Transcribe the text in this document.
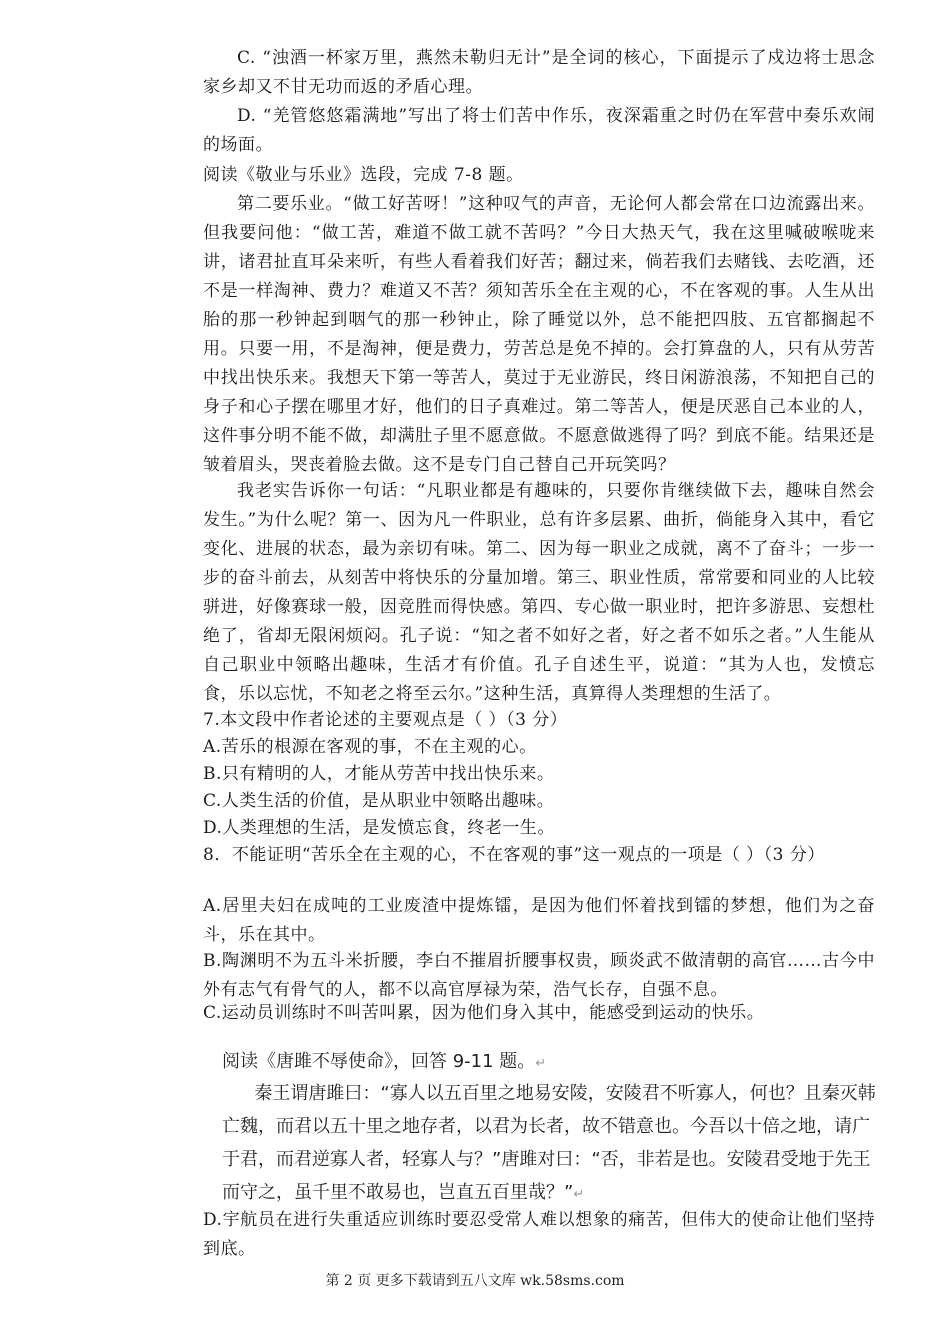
C. “浊酒一杯家万里，燕然未勒归无计”是全词的核心，下面提示了戍边将士思念家乡却又不甘无功而返的矛盾心理。

D. “羌管悠悠霜满地”写出了将士们苦中作乐，夜深霜重之时仍在军营中奏乐欢闹的场面。

阅读《敬业与乐业》选段，完成 7-8 题。

第二要乐业。“做工好苦呀！”这种叹气的声音，无论何人都会常在口边流露出来。但我要问他：“做工苦，难道不做工就不苦吗？”今日大热天气，我在这里喊破喉咙来讲，诸君扯直耳朵来听，有些人看着我们好苦；翻过来，倘若我们去赌钱、去吃酒，还不是一样淘神、费力？难道又不苦？须知苦乐全在主观的心，不在客观的事。人生从出胎的那一秒钟起到咽气的那一秒钟止，除了睡觉以外，总不能把四肢、五官都搁起不用。只要一用，不是淘神，便是费力，劳苦总是免不掉的。会打算盘的人，只有从劳苦中找出快乐来。我想天下第一等苦人，莫过于无业游民，终日闲游浪荡，不知把自己的身子和心子摆在哪里才好，他们的日子真难过。第二等苦人，便是厌恶自己本业的人，这件事分明不能不做，却满肚子里不愿意做。不愿意做逃得了吗？到底不能。结果还是皱着眉头，哭丧着脸去做。这不是专门自己替自己开玩笑吗？

我老实告诉你一句话：“凡职业都是有趣味的，只要你肯继续做下去，趣味自然会发生。”为什么呢？第一、因为凡一件职业，总有许多层累、曲折，倘能身入其中，看它变化、进展的状态，最为亲切有味。第二、因为每一职业之成就，离不了奋斗；一步一步的奋斗前去，从刻苦中将快乐的分量加增。第三、职业性质，常常要和同业的人比较骈进，好像赛球一般，因竞胜而得快感。第四、专心做一职业时，把许多游思、妄想杜绝了，省却无限闲烦闷。孔子说：“知之者不如好之者，好之者不如乐之者。”人生能从自己职业中领略出趣味，生活才有价值。孔子自述生平，说道：“其为人也，发愤忘食，乐以忘忧，不知老之将至云尔。”这种生活，真算得人类理想的生活了。

7.本文段中作者论述的主要观点是（ ）（3 分）

A.苦乐的根源在客观的事，不在主观的心。

B.只有精明的人，才能从劳苦中找出快乐来。

C.人类生活的价值，是从职业中领略出趣味。

D.人类理想的生活，是发愤忘食，终老一生。

8．不能证明“苦乐全在主观的心，不在客观的事”这一观点的一项是（ ）（3 分）

A.居里夫妇在成吨的工业废渣中提炼镭，是因为他们怀着找到镭的梦想，他们为之奋斗，乐在其中。

B.陶渊明不为五斗米折腰，李白不摧眉折腰事权贵，顾炎武不做清朝的高官……古今中外有志气有骨气的人，都不以高官厚禄为荣，浩气长存，自强不息。

C.运动员训练时不叫苦叫累，因为他们身入其中，能感受到运动的快乐。

阅读《唐雎不辱使命》，回答 9-11 题。↵

秦王谓唐雎曰：“寡人以五百里之地易安陵，安陵君不听寡人，何也？且秦灭韩亡魏，而君以五十里之地存者，以君为长者，故不错意也。今吾以十倍之地，请广于君，而君逆寡人者，轻寡人与？”唐雎对曰：“否，非若是也。安陵君受地于先王而守之，虽千里不敢易也，岂直五百里哉？”↵

D.宇航员在进行失重适应训练时要忍受常人难以想象的痛苦，但伟大的使命让他们坚持到底。

第 2 页 更多下载请到五八文库 wk.58sms.com
